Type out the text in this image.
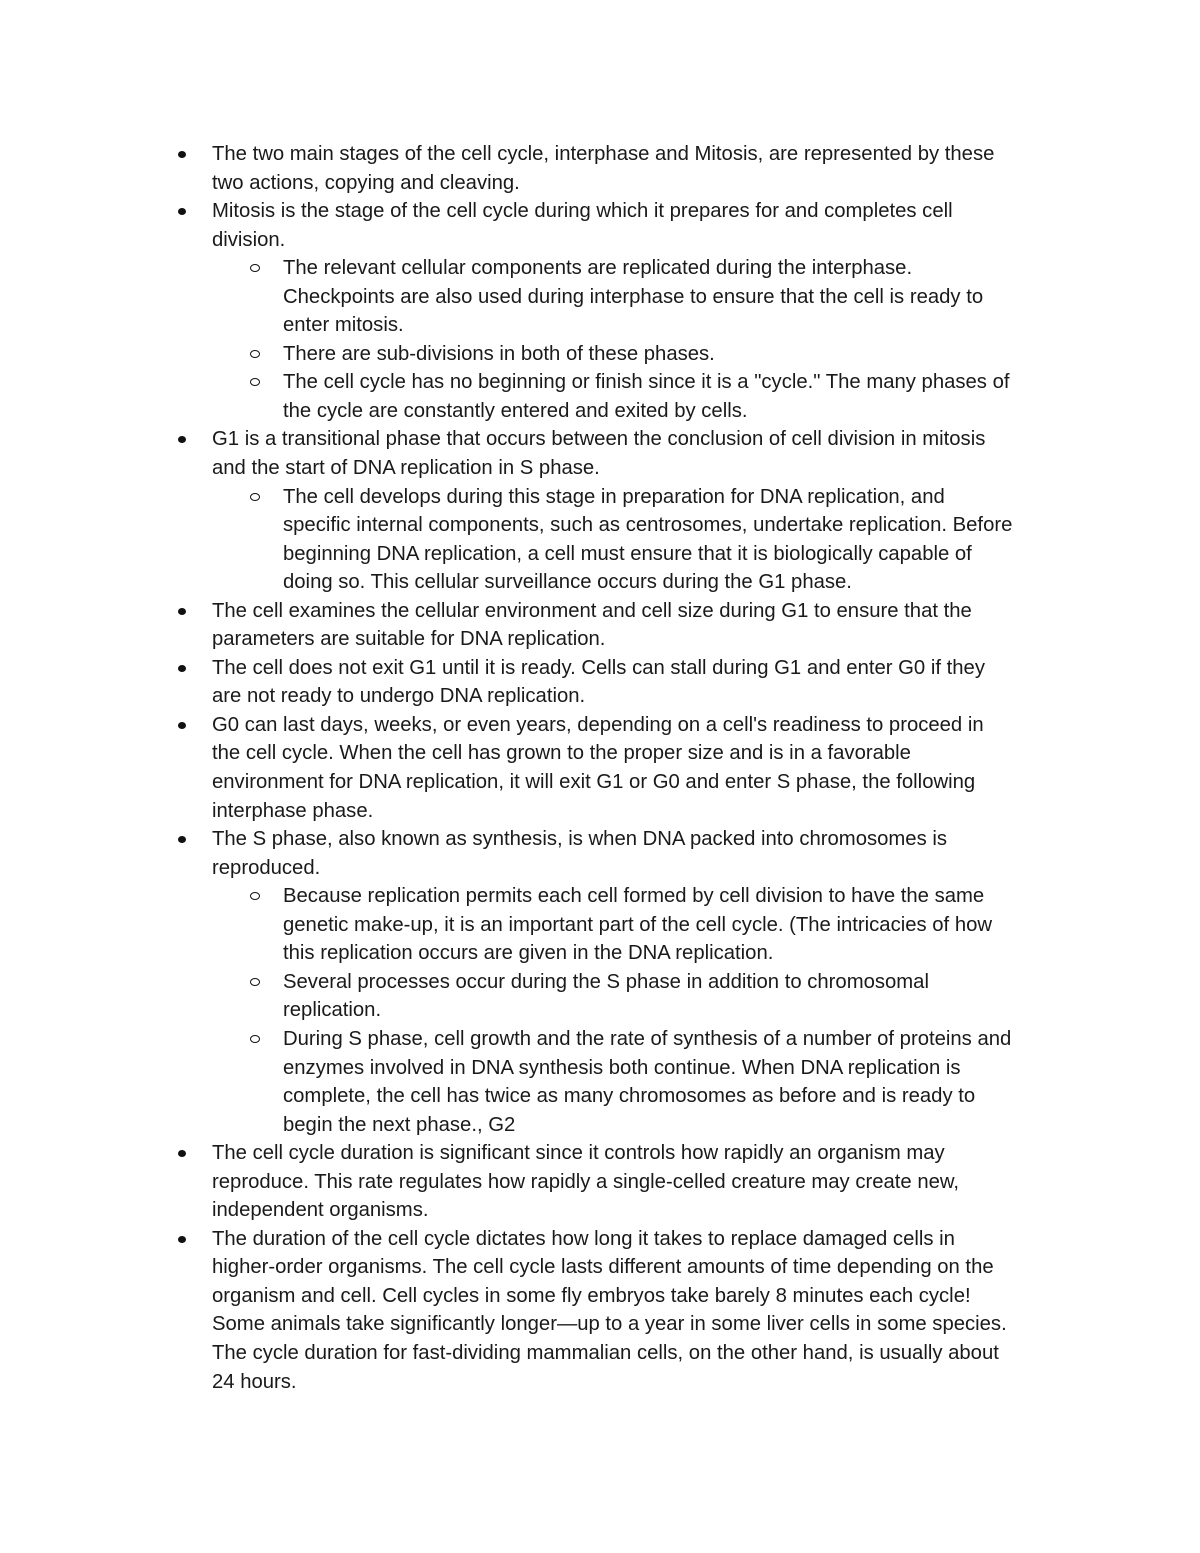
The two main stages of the cell cycle, interphase and Mitosis, are represented by these
two actions, copying and cleaving.
Mitosis is the stage of the cell cycle during which it prepares for and completes cell
division.
The relevant cellular components are replicated during the interphase.
Checkpoints are also used during interphase to ensure that the cell is ready to
enter mitosis.
There are sub-divisions in both of these phases.
The cell cycle has no beginning or finish since it is a "cycle." The many phases of
the cycle are constantly entered and exited by cells.
G1 is a transitional phase that occurs between the conclusion of cell division in mitosis
and the start of DNA replication in S phase.
The cell develops during this stage in preparation for DNA replication, and
specific internal components, such as centrosomes, undertake replication. Before
beginning DNA replication, a cell must ensure that it is biologically capable of
doing so. This cellular surveillance occurs during the G1 phase.
The cell examines the cellular environment and cell size during G1 to ensure that the
parameters are suitable for DNA replication.
The cell does not exit G1 until it is ready. Cells can stall during G1 and enter G0 if they
are not ready to undergo DNA replication.
G0 can last days, weeks, or even years, depending on a cell's readiness to proceed in
the cell cycle. When the cell has grown to the proper size and is in a favorable
environment for DNA replication, it will exit G1 or G0 and enter S phase, the following
interphase phase.
The S phase, also known as synthesis, is when DNA packed into chromosomes is
reproduced.
Because replication permits each cell formed by cell division to have the same
genetic make-up, it is an important part of the cell cycle. (The intricacies of how
this replication occurs are given in the DNA replication.
Several processes occur during the S phase in addition to chromosomal
replication.
During S phase, cell growth and the rate of synthesis of a number of proteins and
enzymes involved in DNA synthesis both continue. When DNA replication is
complete, the cell has twice as many chromosomes as before and is ready to
begin the next phase., G2
The cell cycle duration is significant since it controls how rapidly an organism may
reproduce. This rate regulates how rapidly a single-celled creature may create new,
independent organisms.
The duration of the cell cycle dictates how long it takes to replace damaged cells in
higher-order organisms. The cell cycle lasts different amounts of time depending on the
organism and cell. Cell cycles in some fly embryos take barely 8 minutes each cycle!
Some animals take significantly longer—up to a year in some liver cells in some species.
The cycle duration for fast-dividing mammalian cells, on the other hand, is usually about
24 hours.
